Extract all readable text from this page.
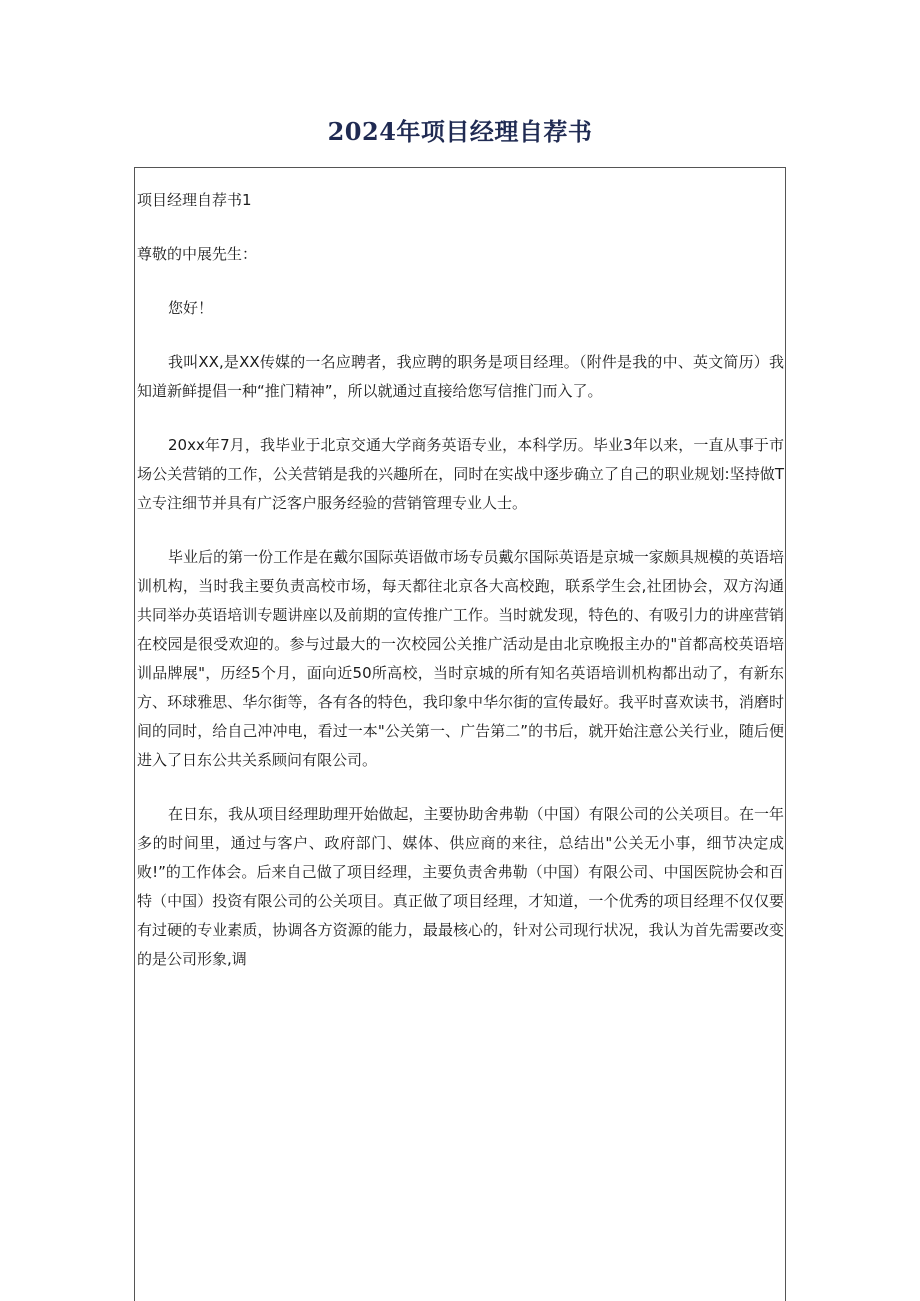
2024年项目经理自荐书

项目经理自荐书1

尊敬的中展先生：

您好！

我叫XX,是XX传媒的一名应聘者，我应聘的职务是项目经理。（附件是我的中、英文简历）我知道新鲜提倡一种“推门精神”，所以就通过直接给您写信推门而入了。

20xx年7月，我毕业于北京交通大学商务英语专业，本科学历。毕业3年以来，一直从事于市场公关营销的工作，公关营销是我的兴趣所在，同时在实战中逐步确立了自己的职业规划:坚持做T立专注细节并具有广泛客户服务经验的营销管理专业人士。

毕业后的第一份工作是在戴尔国际英语做市场专员戴尔国际英语是京城一家颇具规模的英语培训机构，当时我主要负责高校市场，每天都往北京各大高校跑，联系学生会,社团协会，双方沟通共同举办英语培训专题讲座以及前期的宣传推广工作。当时就发现，特色的、有吸引力的讲座营销在校园是很受欢迎的。参与过最大的一次校园公关推广活动是由北京晚报主办的"首都高校英语培训品牌展"，历经5个月，面向近50所高校，当时京城的所有知名英语培训机构都出动了，有新东方、环球雅思、华尔街等，各有各的特色，我印象中华尔街的宣传最好。我平时喜欢读书，消磨时间的同时，给自己冲冲电，看过一本"公关第一、广告第二”的书后，就开始注意公关行业，随后便进入了日东公共关系顾问有限公司。

在日东，我从项目经理助理开始做起，主要协助舍弗勒（中国）有限公司的公关项目。在一年多的时间里，通过与客户、政府部门、媒体、供应商的来往，总结出"公关无小事，细节决定成败!”的工作体会。后来自己做了项目经理，主要负责舍弗勒（中国）有限公司、中国医院协会和百特（中国）投资有限公司的公关项目。真正做了项目经理，才知道，一个优秀的项目经理不仅仅要有过硬的专业素质，协调各方资源的能力，最最核心的，针对公司现行状况，我认为首先需要改变的是公司形象,调
